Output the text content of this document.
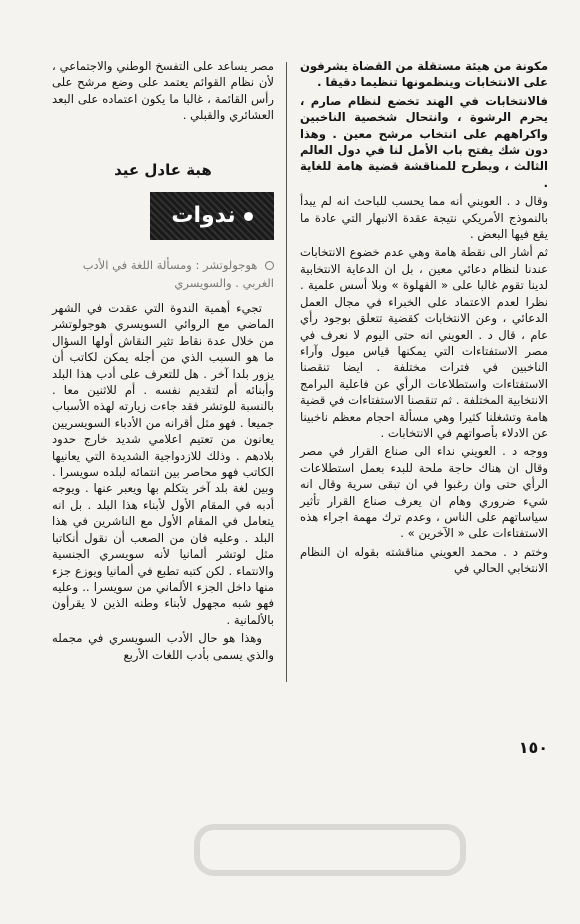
مكونة من هيئة مستقلة من القضاة يشرفون على الانتخابات وينظمونها تنظيما دقيقا .

فالانتخابات في الهند تخضع لنظام صارم ، يحرم الرشوة ، وانتحال شخصية الناخبين واكراههم على انتخاب مرشح معين . وهذا دون شك يفتح باب الأمل لنا في دول العالم الثالث ، ويطرح للمناقشة قضية هامة للغاية .

وقال د . العويني أنه مما يحسب للباحث انه لم يبدأ بالنموذج الأمريكي نتيجة عقدة الانبهار التي عادة ما يقع فيها البعض .

ثم أشار الى نقطة هامة وهي عدم خضوع الانتخابات عندنا لنظام دعائي معين ، بل ان الدعاية الانتخابية لدينا تقوم غالبا على « الفهلوة » وبلا أسس علمية . نظرا لعدم الاعتماد على الخبراء في مجال العمل الدعائي ، وعن الانتخابات كقضية تتعلق بوجود رأي عام ، قال د . العويني انه حتى اليوم لا نعرف في مصر الاستفتاءات التي يمكنها قياس ميول وآراء الناخبين في فترات مختلفة . ايضا تنقصنا الاستفتاءات واستطلاعات الرأي عن فاعلية البرامج الانتخابية المختلفة . ثم تنقصنا الاستفتاءات في قضية هامة وتشغلنا كثيرا وهي مسألة احجام معظم ناخبينا عن الادلاء بأصواتهم في الانتخابات .

ووجه د . العويني نداء الى صناع القرار في مصر وقال ان هناك حاجة ملحة للبدء بعمل استطلاعات الرأي حتى وان رغبوا في ان تبقى سرية وقال انه شيء ضروري وهام ان يعرف صناع القرار تأثير سياساتهم على الناس ، وعدم ترك مهمة اجراء هذه الاستفتاءات على « الآخرين » .

وختم د . محمد العويني مناقشته بقوله ان النظام الانتخابي الحالي في

مصر يساعد على التفسخ الوطني والاجتماعي ، لأن نظام القوائم يعتمد على وضع مرشح على رأس القائمة ، غالبا ما يكون اعتماده على البعد العشائري والقبلي .

هبة عادل عيد
ندوات
هوجولوتشر : ومسألة اللغة في الأدب الغربي . والسويسري

تجيء أهمية الندوة التي عقدت في الشهر الماضي مع الروائي السويسري هوجولوتشر من خلال عدة نقاط تثير النقاش أولها السؤال ما هو السبب الذي من أجله يمكن لكاتب أن يزور بلدا آخر . هل للتعرف على أدب هذا البلد وأبنائه أم لتقديم نفسه . أم للاثنين معا . بالنسبة للوتشر فقد جاءت زيارته لهذه الأسباب جميعا . فهو مثل أقرانه من الأدباء السويسريين يعانون من تعتيم اعلامي شديد خارج حدود بلادهم . وذلك للازدواجية الشديدة التي يعانيها الكاتب فهو محاصر بين انتمائه لبلده سويسرا . وبين لغة بلد آخر يتكلم بها ويعبر عنها . ويوجه أدبه في المقام الأول لأبناء هذا البلد . بل انه يتعامل في المقام الأول مع الناشرين في هذا البلد . وعليه فان من الصعب أن نقول أنكاتبا مثل لوتشر ألمانيا لأنه سويسري الجنسية والانتماء . لكن كتبه تطبع في ألمانيا ويوزع جزء منها داخل الجزء الألماني من سويسرا .. وعليه فهو شبه مجهول لأبناء وطنه الذين لا يقرأون بالألمانية .

وهذا هو حال الأدب السويسري في مجمله والذي يسمى بأدب اللغات الأربع

١٥٠
